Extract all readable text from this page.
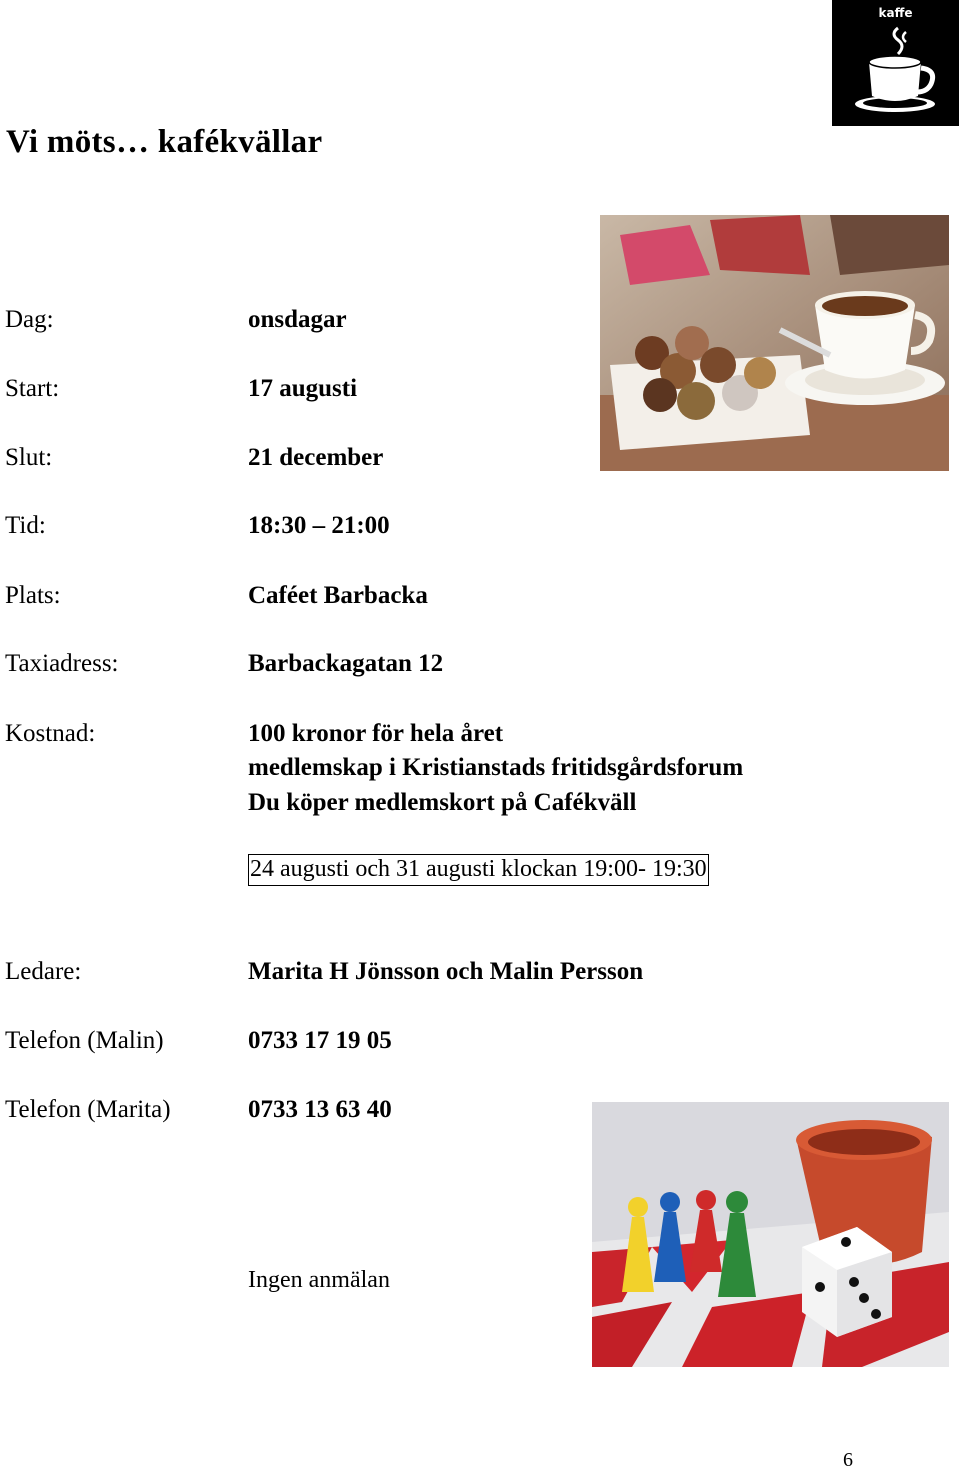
kaffe
Vi möts… kafékvällar
Dag:	onsdagar
Start:	17 augusti
Slut:	21 december
Tid:	18:30 – 21:00
Plats:	Caféet Barbacka
Taxiadress:	Barbackagatan 12
Kostnad:	100 kronor för hela året
medlemskap i Kristianstads fritidsgårdsforum
Du köper medlemskort på Cafékväll
24 augusti och 31 augusti klockan 19:00- 19:30
Ledare:	Marita H Jönsson och Malin Persson
Telefon (Malin)	0733 17 19 05
Telefon (Marita)	0733 13 63 40
Ingen anmälan
6
